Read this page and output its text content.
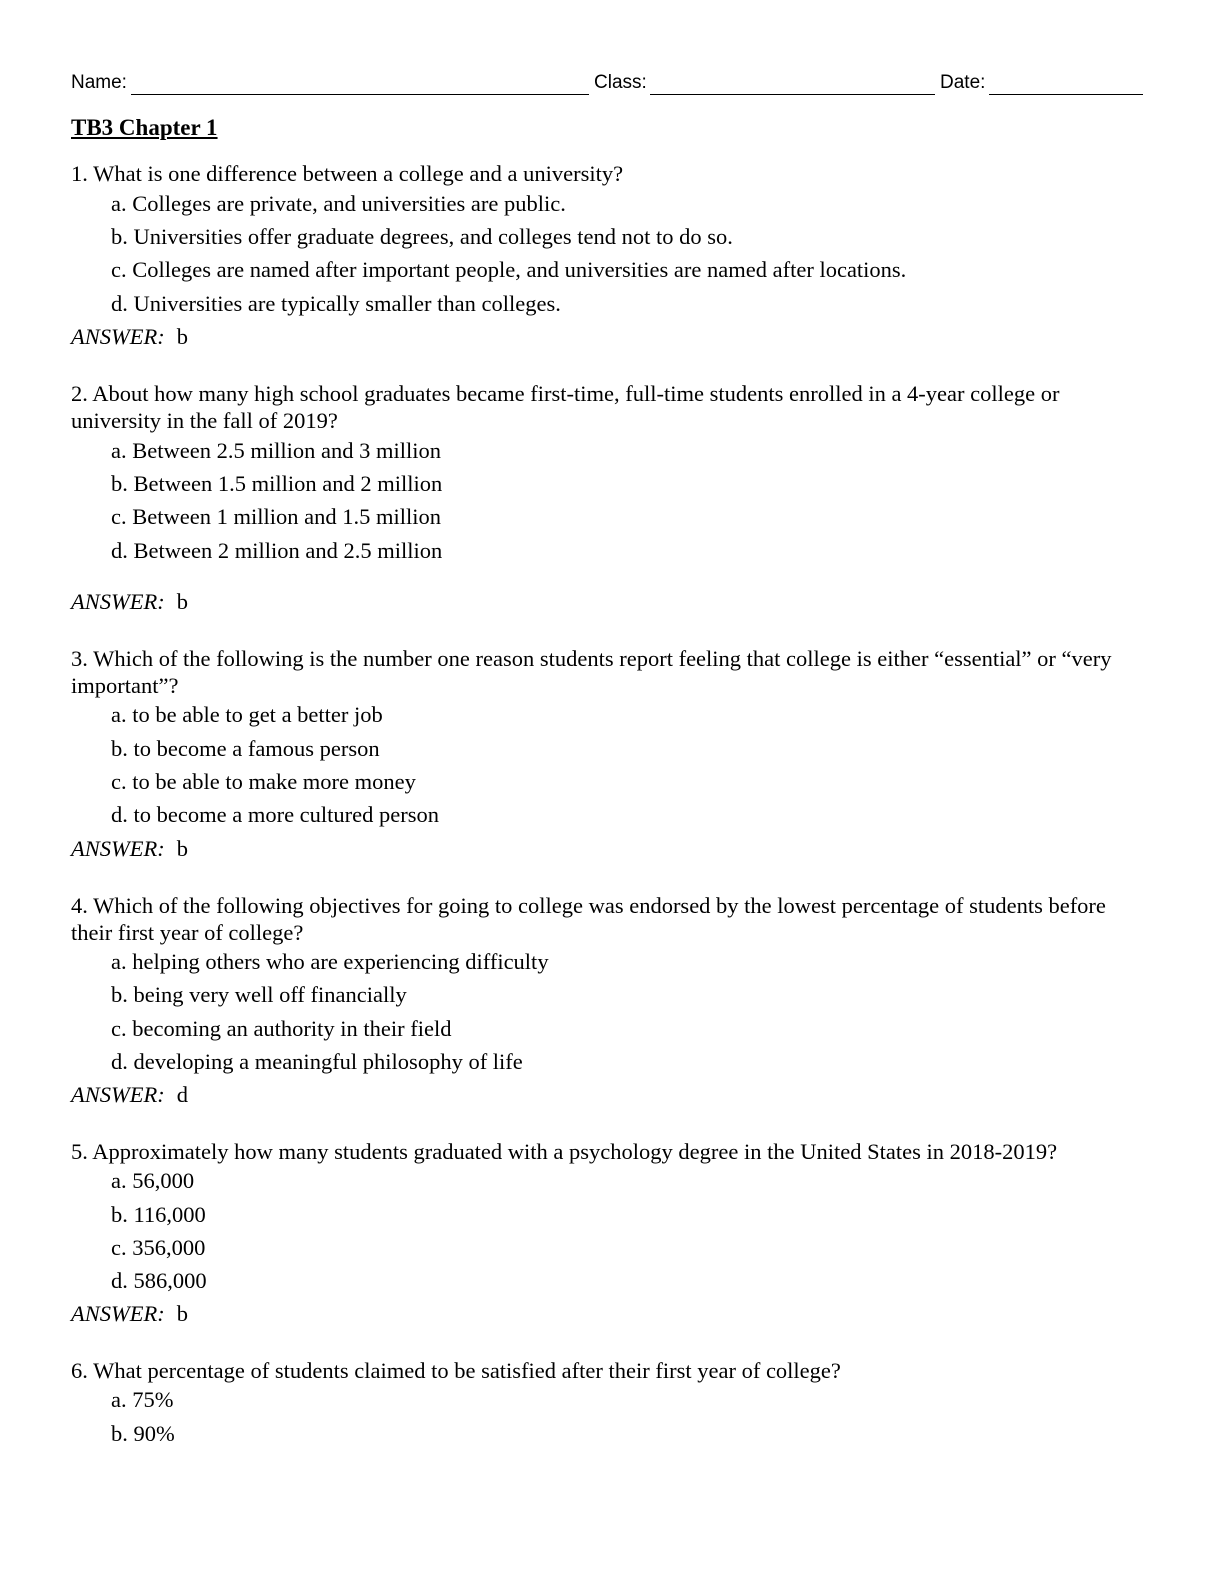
Name:	Class:	Date:
TB3 Chapter 1

1. What is one difference between a college and a university?

a. Colleges are private, and universities are public.

b. Universities offer graduate degrees, and colleges tend not to do so.

c. Colleges are named after important people, and universities are named after locations.

d. Universities are typically smaller than colleges.

ANSWER: b

2. About how many high school graduates became first-time, full-time students enrolled in a 4-year college or university in the fall of 2019?

a. Between 2.5 million and 3 million

b. Between 1.5 million and 2 million

c. Between 1 million and 1.5 million

d. Between 2 million and 2.5 million

ANSWER: b

3. Which of the following is the number one reason students report feeling that college is either “essential” or “very important”?

a. to be able to get a better job

b. to become a famous person

c. to be able to make more money

d. to become a more cultured person

ANSWER: b

4. Which of the following objectives for going to college was endorsed by the lowest percentage of students before their first year of college?

a. helping others who are experiencing difficulty

b. being very well off financially

c. becoming an authority in their field

d. developing a meaningful philosophy of life

ANSWER: d

5. Approximately how many students graduated with a psychology degree in the United States in 2018-2019?

a. 56,000

b. 116,000

c. 356,000

d. 586,000

ANSWER: b

6. What percentage of students claimed to be satisfied after their first year of college?

a. 75%

b. 90%
